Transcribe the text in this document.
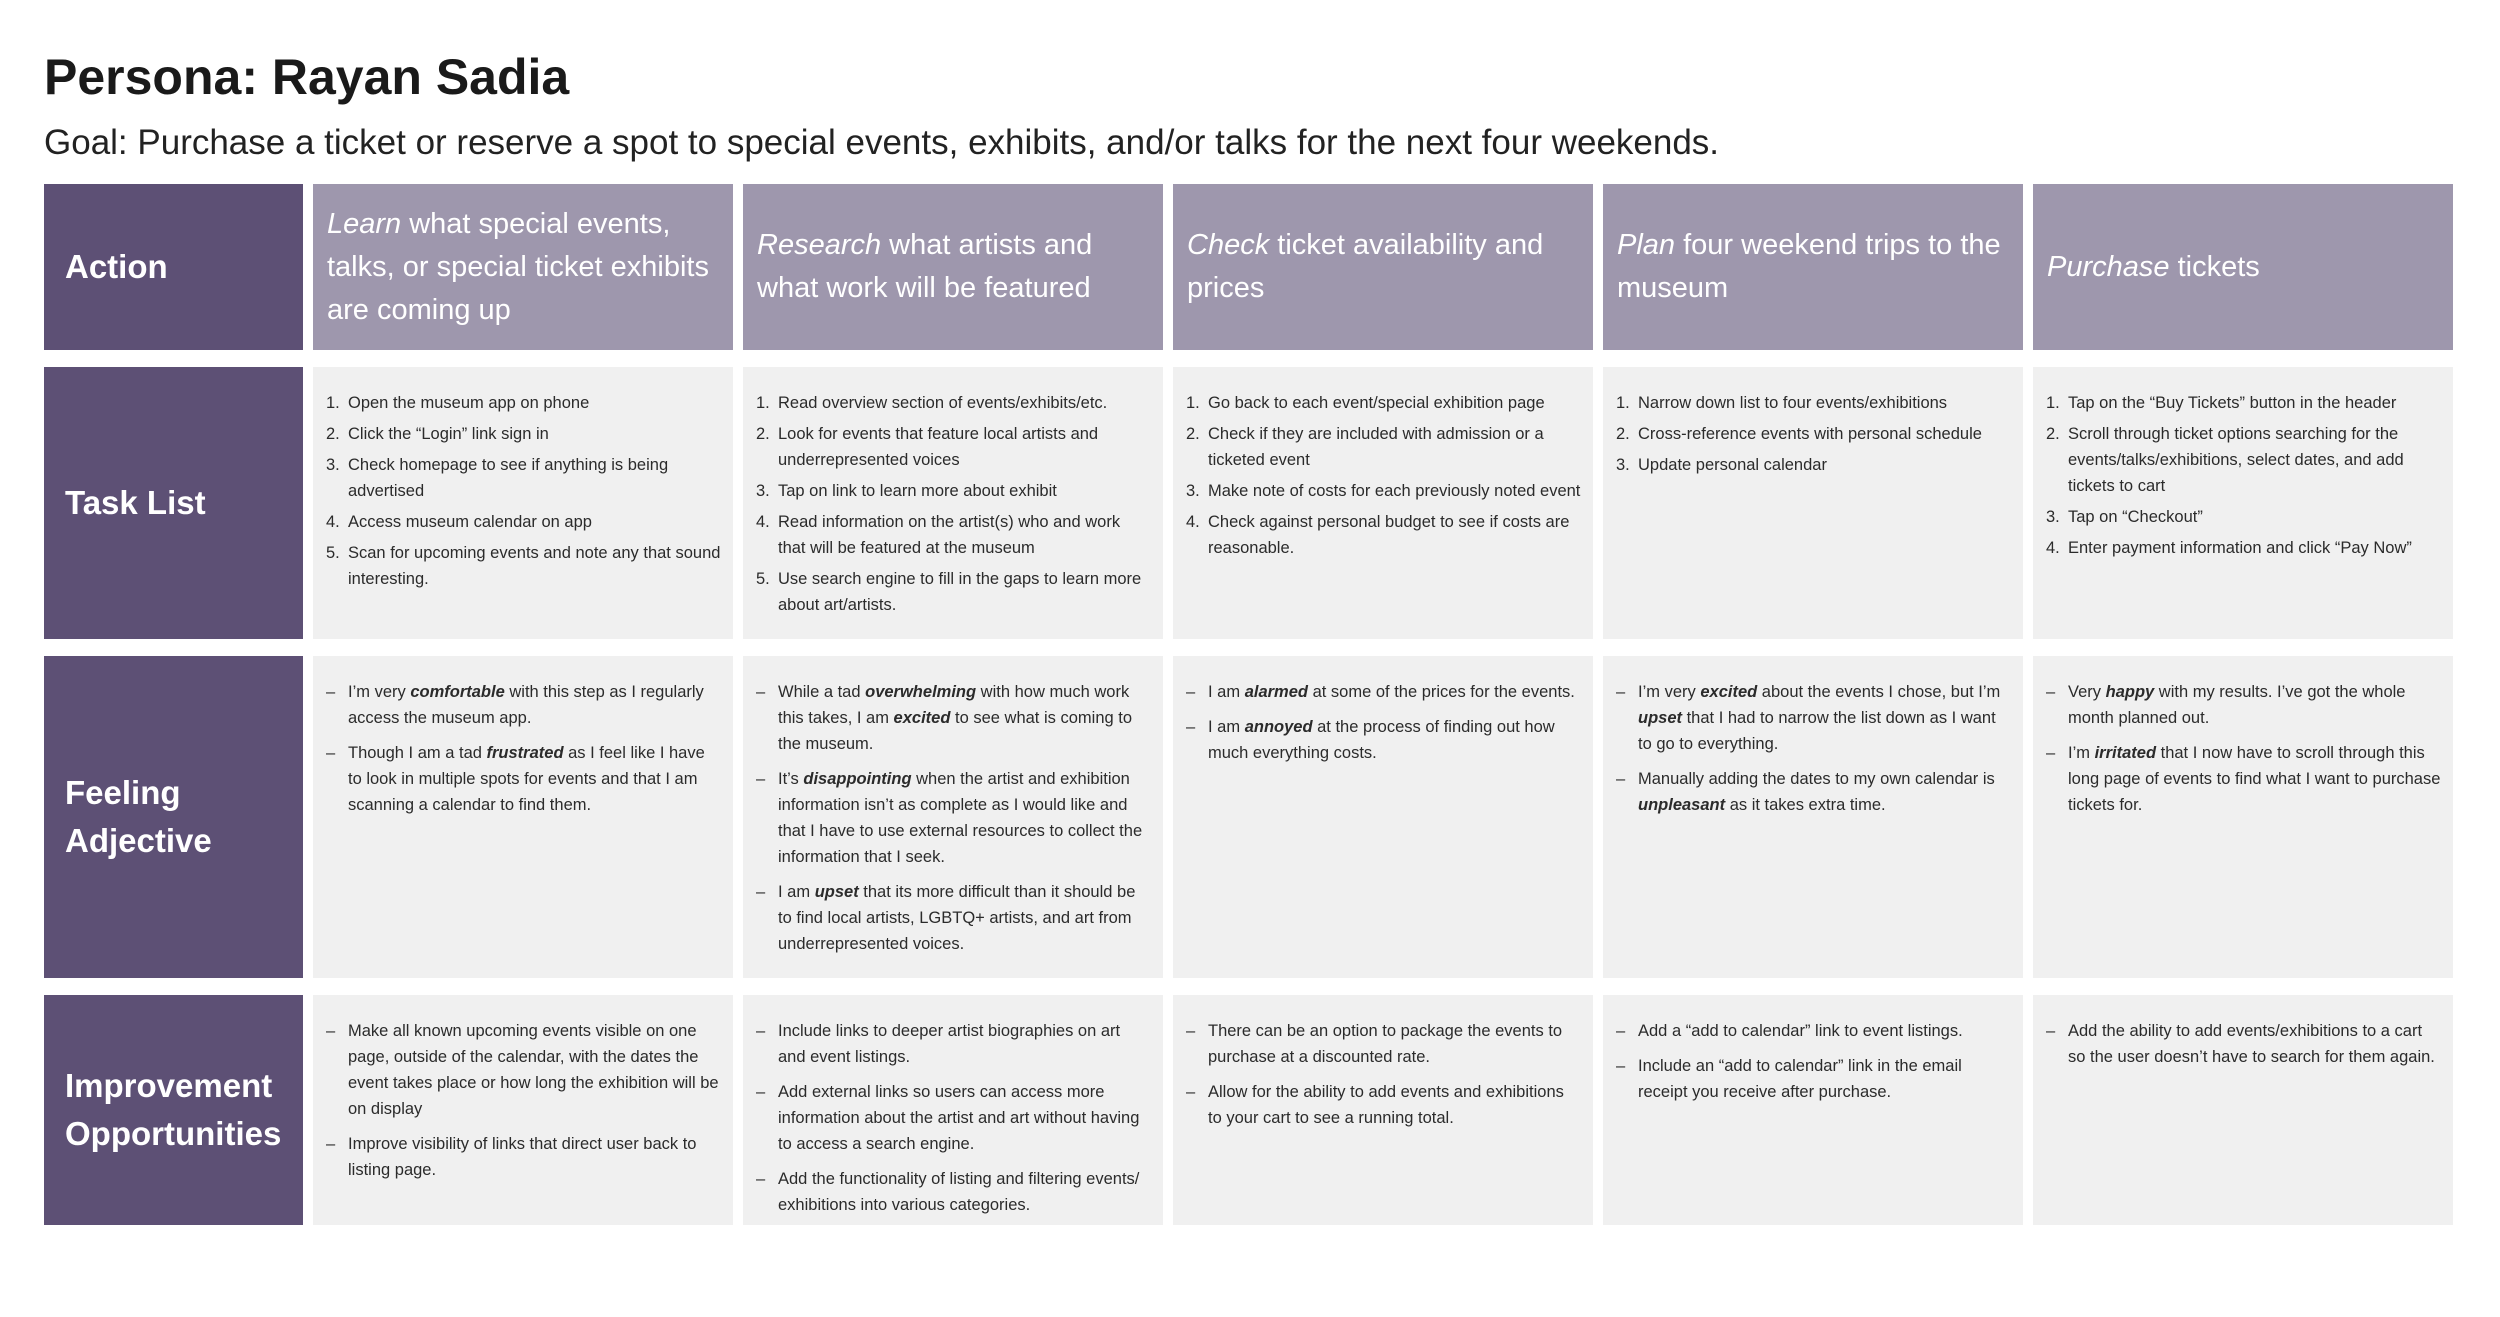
Persona: Rayan Sadia

Goal: Purchase a ticket or reserve a spot to special events, exhibits, and/or talks for the next four weekends.

Action
Learn what special events, talks, or special ticket exhibits are coming up
Research what artists and what work will be featured
Check ticket availability and prices
Plan four weekend trips to the museum
Purchase tickets
Task List
1. Open the museum app on phone
2. Click the “Login” link sign in
3. Check homepage to see if anything is being advertised
4. Access museum calendar on app
5. Scan for upcoming events and note any that sound interesting.
1. Read overview section of events/exhibits/etc.
2. Look for events that feature local artists and underrepresented voices
3. Tap on link to learn more about exhibit
4. Read information on the artist(s) who and work that will be featured at the museum
5. Use search engine to fill in the gaps to learn more about art/artists.
1. Go back to each event/special exhibition page
2. Check if they are included with admission or a ticketed event
3. Make note of costs for each previously noted event
4. Check against personal budget to see if costs are reasonable.
1. Narrow down list to four events/exhibitions
2. Cross-reference events with personal schedule
3. Update personal calendar
1. Tap on the “Buy Tickets” button in the header
2. Scroll through ticket options searching for the events/talks/exhibitions, select dates, and add tickets to cart
3. Tap on “Checkout”
4. Enter payment information and click “Pay Now”
Feeling Adjective
– I’m very comfortable with this step as I regularly access the museum app.
– Though I am a tad frustrated as I feel like I have to look in multiple spots for events and that I am scanning a calendar to find them.
– While a tad overwhelming with how much work this takes, I am excited to see what is coming to the museum.
– It’s disappointing when the artist and exhibition information isn’t as complete as I would like and that I have to use external resources to collect the information that I seek.
– I am upset that its more difficult than it should be to find local artists, LGBTQ+ artists, and art from underrepresented voices.
– I am alarmed at some of the prices for the events.
– I am annoyed at the process of finding out how much everything costs.
– I’m very excited about the events I chose, but I’m upset that I had to narrow the list down as I want to go to everything.
– Manually adding the dates to my own calendar is unpleasant as it takes extra time.
– Very happy with my results. I’ve got the whole month planned out.
– I’m irritated that I now have to scroll through this long page of events to find what I want to purchase tickets for.
Improvement Opportunities
– Make all known upcoming events visible on one page, outside of the calendar, with the dates the event takes place or how long the exhibition will be on display
– Improve visibility of links that direct user back to listing page.
– Include links to deeper artist biographies on art and event listings.
– Add external links so users can access more information about the artist and art without having to access a search engine.
– Add the functionality of listing and filtering events/ exhibitions into various categories.
– There can be an option to package the events to purchase at a discounted rate.
– Allow for the ability to add events and exhibitions to your cart to see a running total.
– Add a “add to calendar” link to event listings.
– Include an “add to calendar” link in the email receipt you receive after purchase.
– Add the ability to add events/exhibitions to a cart so the user doesn’t have to search for them again.
